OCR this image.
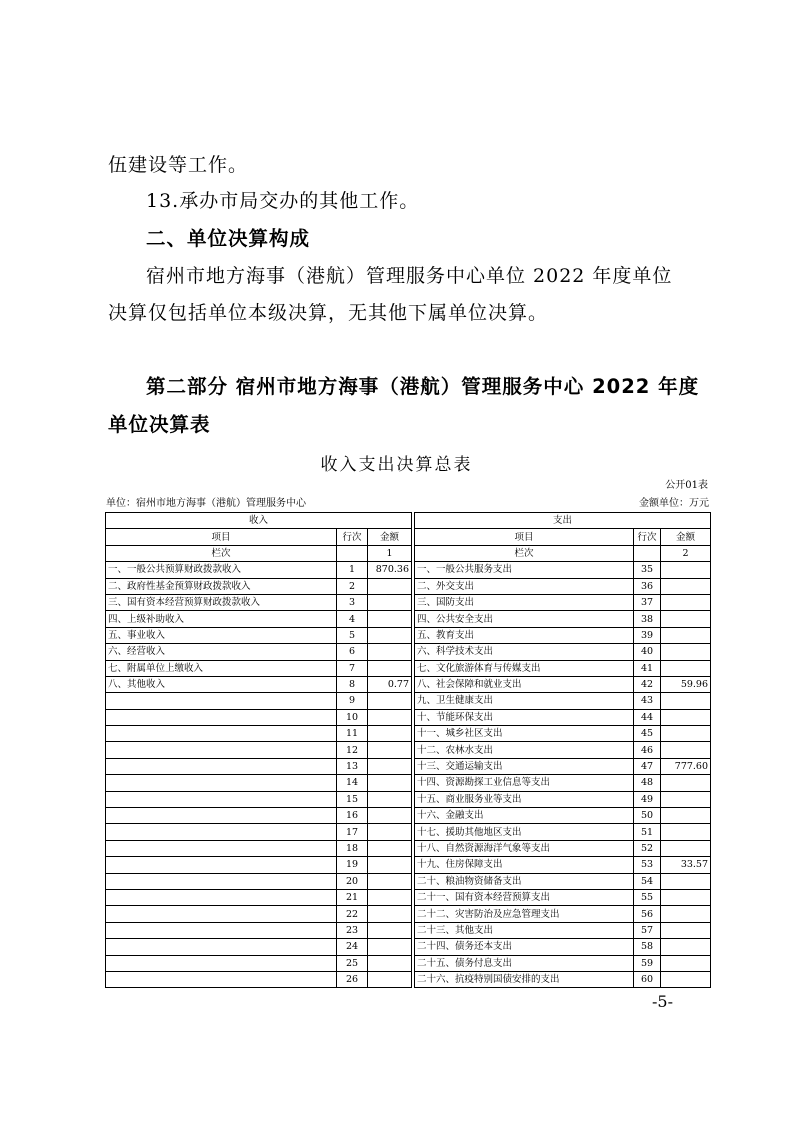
伍建设等工作。
13.承办市局交办的其他工作。
二、单位决算构成
宿州市地方海事（港航）管理服务中心单位 2022 年度单位
决算仅包括单位本级决算，无其他下属单位决算。
第二部分 宿州市地方海事（港航）管理服务中心 2022 年度
单位决算表
收入支出决算总表
公开01表
单位：宿州市地方海事（港航）管理服务中心	金额单位：万元
收入				支出		
项目	行次	金额		项目	行次	金额
栏次		1		栏次		2
一、一般公共预算财政拨款收入	1	870.36		一、一般公共服务支出	35	
二、政府性基金预算财政拨款收入	2			二、外交支出	36	
三、国有资本经营预算财政拨款收入	3			三、国防支出	37	
四、上级补助收入	4			四、公共安全支出	38	
五、事业收入	5			五、教育支出	39	
六、经营收入	6			六、科学技术支出	40	
七、附属单位上缴收入	7			七、文化旅游体育与传媒支出	41	
八、其他收入	8	0.77		八、社会保障和就业支出	42	59.96
	9			九、卫生健康支出	43	
	10			十、节能环保支出	44	
	11			十一、城乡社区支出	45	
	12			十二、农林水支出	46	
	13			十三、交通运输支出	47	777.60
	14			十四、资源勘探工业信息等支出	48	
	15			十五、商业服务业等支出	49	
	16			十六、金融支出	50	
	17			十七、援助其他地区支出	51	
	18			十八、自然资源海洋气象等支出	52	
	19			十九、住房保障支出	53	33.57
	20			二十、粮油物资储备支出	54	
	21			二十一、国有资本经营预算支出	55	
	22			二十二、灾害防治及应急管理支出	56	
	23			二十三、其他支出	57	
	24			二十四、债务还本支出	58	
	25			二十五、债务付息支出	59	
	26			二十六、抗疫特别国债安排的支出	60	
-5-
